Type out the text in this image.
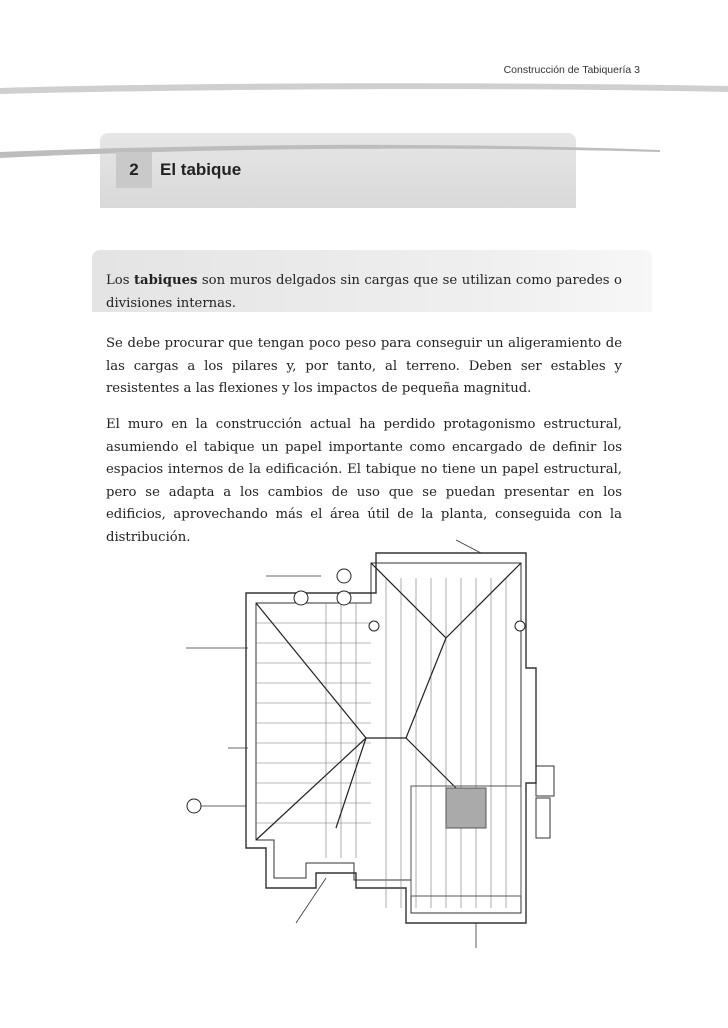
Construcción de Tabiquería 3
2	El tabique
Los tabiques son muros delgados sin cargas que se utilizan como paredes o divisiones internas.
Se debe procurar que tengan poco peso para conseguir un aligeramiento de las cargas a los pilares y, por tanto, al terreno. Deben ser estables y resistentes a las flexiones y los impactos de pequeña magnitud.
El muro en la construcción actual ha perdido protagonismo estructural, asumiendo el tabique un papel importante como encargado de definir los espacios internos de la edificación. El tabique no tiene un papel estructural, pero se adapta a los cambios de uso que se puedan presentar en los edificios, aprovechando más el área útil de la planta, conseguida con la distribución.
